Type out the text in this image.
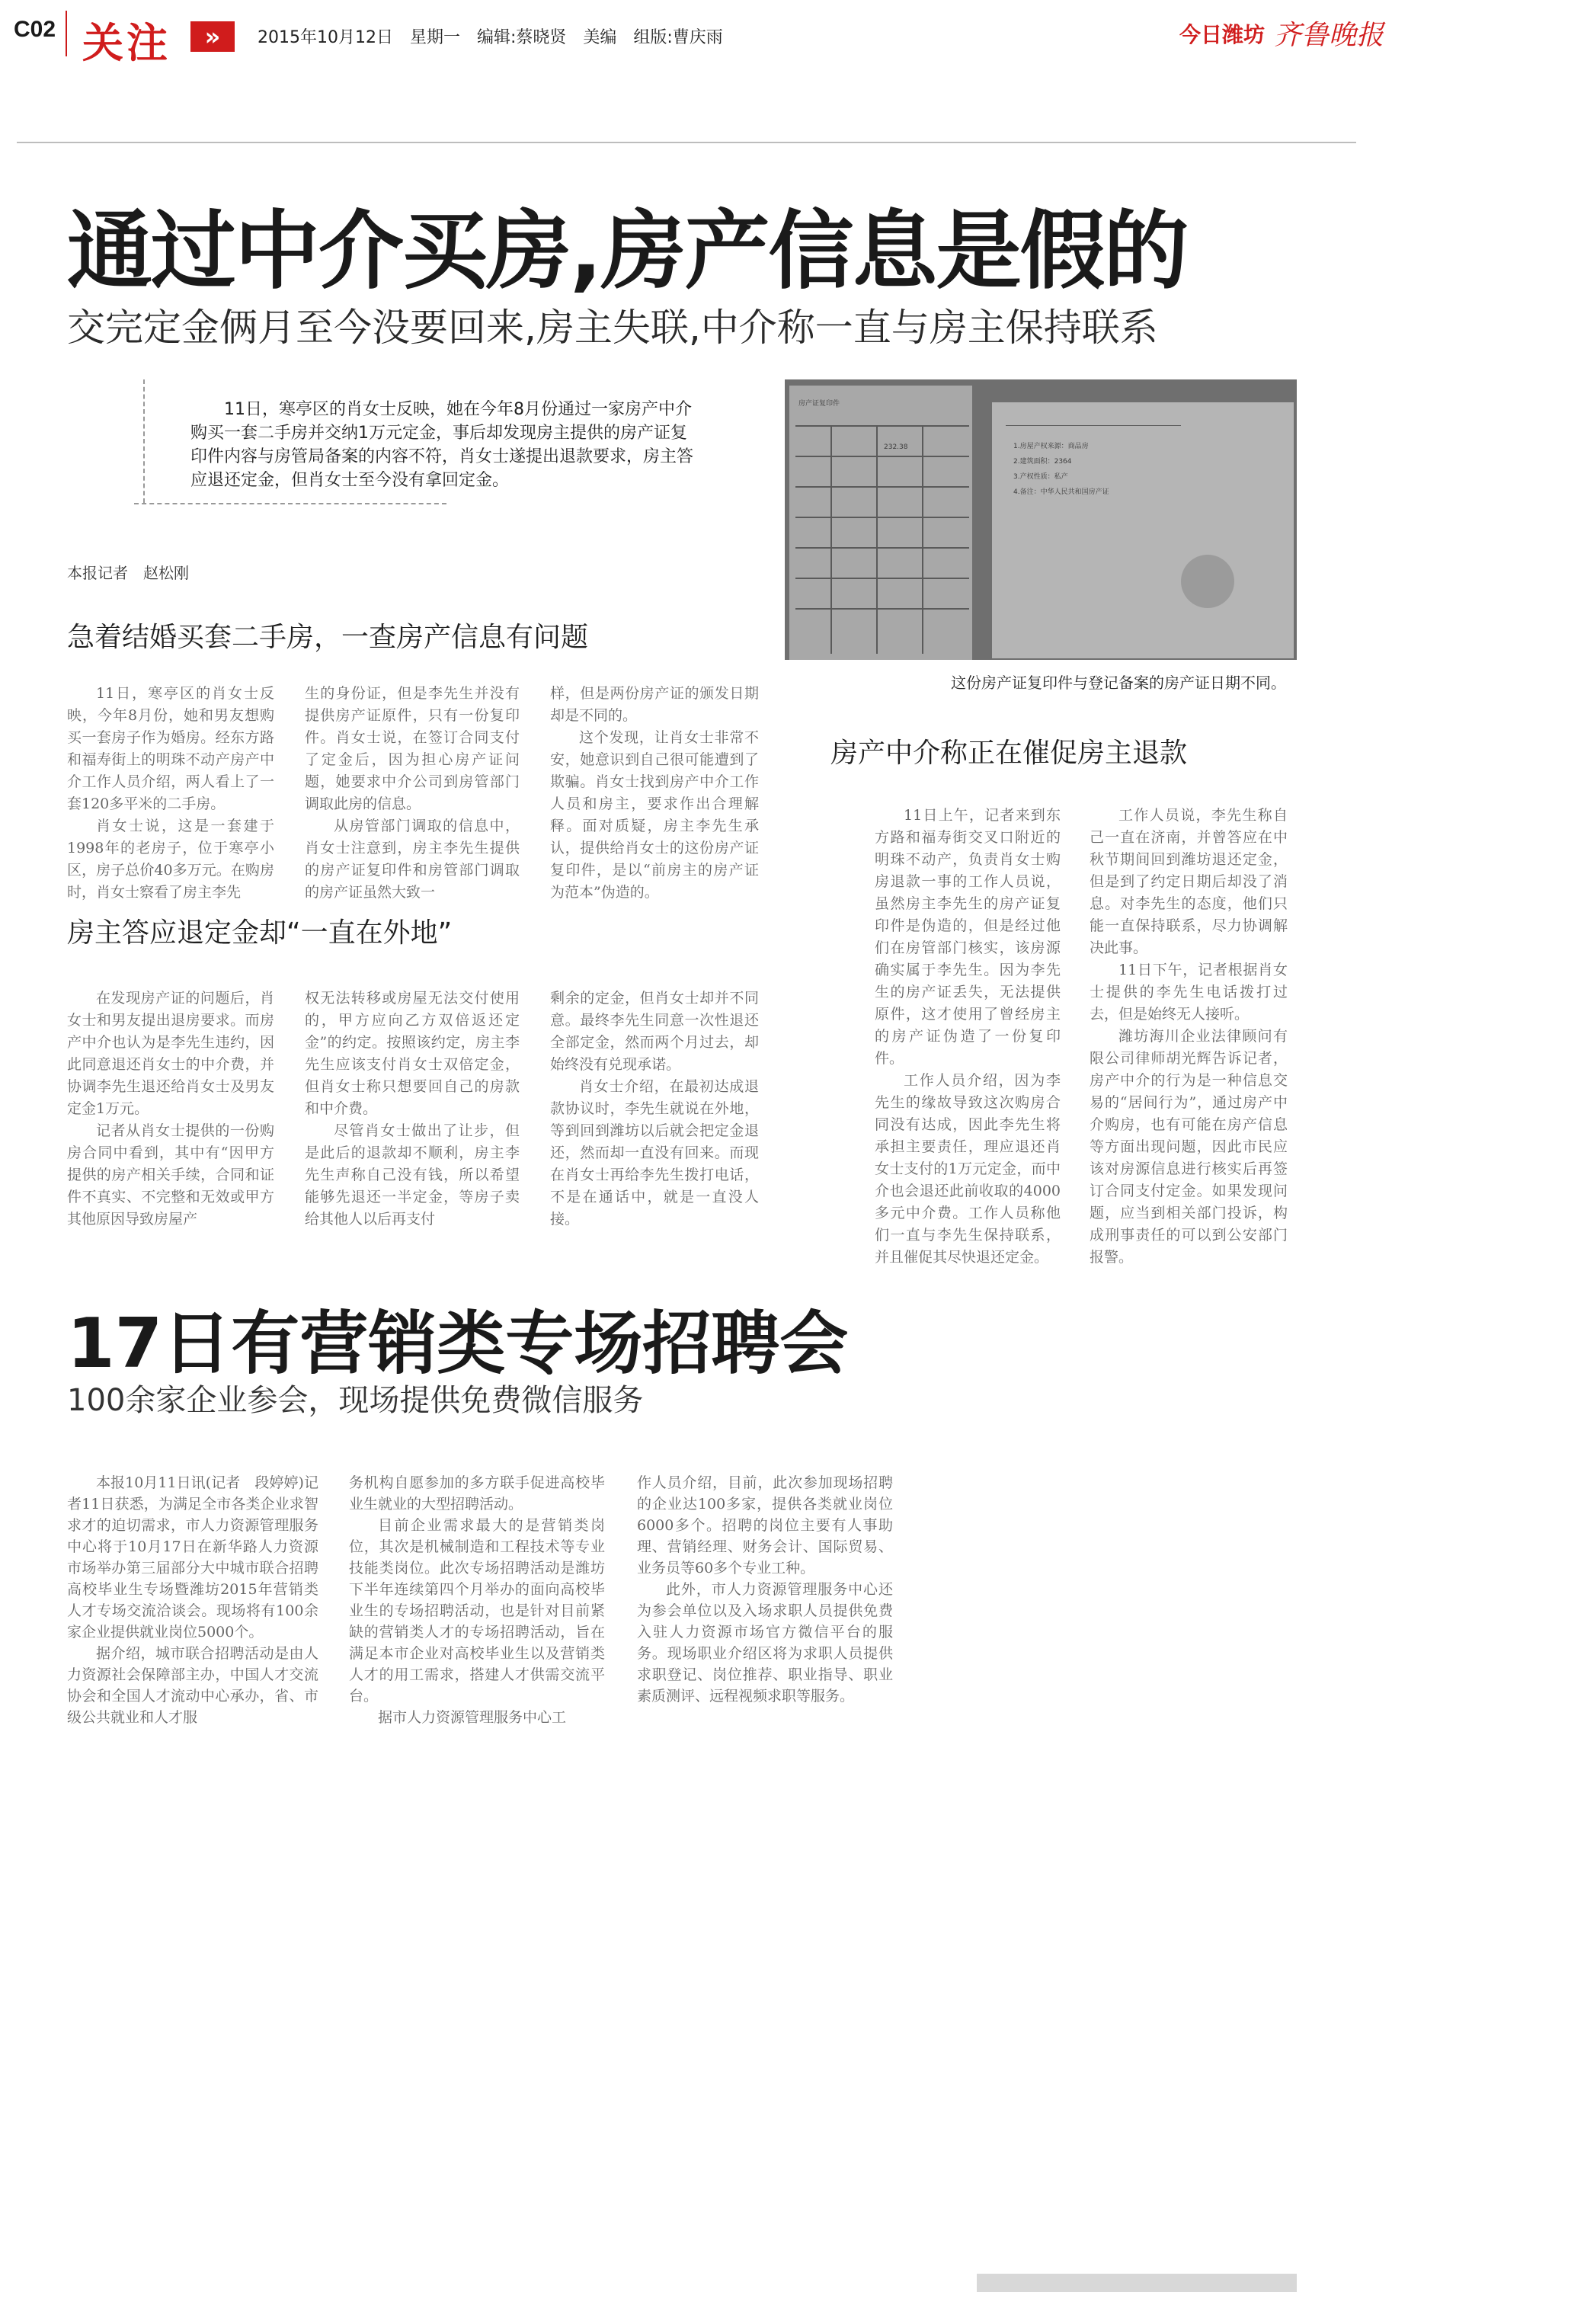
C02 关注	»	2015年10月12日　星期一　编辑:蔡晓贤　美编　组版:曹庆雨	今日潍坊 齐鲁晚报
通过中介买房,房产信息是假的
交完定金俩月至今没要回来,房主失联,中介称一直与房主保持联系
11日，寒亭区的肖女士反映，她在今年8月份通过一家房产中介购买一套二手房并交纳1万元定金，事后却发现房主提供的房产证复印件内容与房管局备案的内容不符，肖女士遂提出退款要求，房主答应退还定金，但肖女士至今没有拿回定金。
房产证复印件
232.38	1.房屋产权来源：商品房
2.建筑面积：2364
3.产权性质：私产
4.备注：中华人民共和国房产证
这份房产证复印件与登记备案的房产证日期不同。
本报记者　赵松刚
急着结婚买套二手房，一查房产信息有问题

11日，寒亭区的肖女士反映，今年8月份，她和男友想购买一套房子作为婚房。经东方路和福寿街上的明珠不动产房产中介工作人员介绍，两人看上了一套120多平米的二手房。

肖女士说，这是一套建于1998年的老房子，位于寒亭小区，房子总价40多万元。在购房时，肖女士察看了房主李先

生的身份证，但是李先生并没有提供房产证原件，只有一份复印件。肖女士说，在签订合同支付了定金后，因为担心房产证问题，她要求中介公司到房管部门调取此房的信息。

从房管部门调取的信息中，肖女士注意到，房主李先生提供的房产证复印件和房管部门调取的房产证虽然大致一

样，但是两份房产证的颁发日期却是不同的。

这个发现，让肖女士非常不安，她意识到自己很可能遭到了欺骗。肖女士找到房产中介工作人员和房主，要求作出合理解释。面对质疑，房主李先生承认，提供给肖女士的这份房产证复印件，是以“前房主的房产证为范本”伪造的。

房主答应退定金却“一直在外地”

在发现房产证的问题后，肖女士和男友提出退房要求。而房产中介也认为是李先生违约，因此同意退还肖女士的中介费，并协调李先生退还给肖女士及男友定金1万元。

记者从肖女士提供的一份购房合同中看到，其中有“因甲方提供的房产相关手续，合同和证件不真实、不完整和无效或甲方其他原因导致房屋产

权无法转移或房屋无法交付使用的，甲方应向乙方双倍返还定金”的约定。按照该约定，房主李先生应该支付肖女士双倍定金，但肖女士称只想要回自己的房款和中介费。

尽管肖女士做出了让步，但是此后的退款却不顺利，房主李先生声称自己没有钱，所以希望能够先退还一半定金，等房子卖给其他人以后再支付

剩余的定金，但肖女士却并不同意。最终李先生同意一次性退还全部定金，然而两个月过去，却始终没有兑现承诺。

肖女士介绍，在最初达成退款协议时，李先生就说在外地，等到回到潍坊以后就会把定金退还，然而却一直没有回来。而现在肖女士再给李先生拨打电话，不是在通话中，就是一直没人接。

房产中介称正在催促房主退款

11日上午，记者来到东方路和福寿街交叉口附近的明珠不动产，负责肖女士购房退款一事的工作人员说，虽然房主李先生的房产证复印件是伪造的，但是经过他们在房管部门核实，该房源确实属于李先生。因为李先生的房产证丢失，无法提供原件，这才使用了曾经房主的房产证伪造了一份复印件。

工作人员介绍，因为李先生的缘故导致这次购房合同没有达成，因此李先生将承担主要责任，理应退还肖女士支付的1万元定金，而中介也会退还此前收取的4000多元中介费。工作人员称他们一直与李先生保持联系，并且催促其尽快退还定金。

工作人员说，李先生称自己一直在济南，并曾答应在中秋节期间回到潍坊退还定金，但是到了约定日期后却没了消息。对李先生的态度，他们只能一直保持联系，尽力协调解决此事。

11日下午，记者根据肖女士提供的李先生电话拨打过去，但是始终无人接听。

潍坊海川企业法律顾问有限公司律师胡光辉告诉记者，房产中介的行为是一种信息交易的“居间行为”，通过房产中介购房，也有可能在房产信息等方面出现问题，因此市民应该对房源信息进行核实后再签订合同支付定金。如果发现问题，应当到相关部门投诉，构成刑事责任的可以到公安部门报警。

17日有营销类专场招聘会
100余家企业参会，现场提供免费微信服务

本报10月11日讯(记者　段婷婷)记者11日获悉，为满足全市各类企业求智求才的迫切需求，市人力资源管理服务中心将于10月17日在新华路人力资源市场举办第三届部分大中城市联合招聘高校毕业生专场暨潍坊2015年营销类人才专场交流洽谈会。现场将有100余家企业提供就业岗位5000个。

据介绍，城市联合招聘活动是由人力资源社会保障部主办，中国人才交流协会和全国人才流动中心承办，省、市级公共就业和人才服

务机构自愿参加的多方联手促进高校毕业生就业的大型招聘活动。

目前企业需求最大的是营销类岗位，其次是机械制造和工程技术等专业技能类岗位。此次专场招聘活动是潍坊下半年连续第四个月举办的面向高校毕业生的专场招聘活动，也是针对目前紧缺的营销类人才的专场招聘活动，旨在满足本市企业对高校毕业生以及营销类人才的用工需求，搭建人才供需交流平台。

据市人力资源管理服务中心工

作人员介绍，目前，此次参加现场招聘的企业达100多家，提供各类就业岗位6000多个。招聘的岗位主要有人事助理、营销经理、财务会计、国际贸易、业务员等60多个专业工种。

此外，市人力资源管理服务中心还为参会单位以及入场求职人员提供免费入驻人力资源市场官方微信平台的服务。现场职业介绍区将为求职人员提供求职登记、岗位推荐、职业指导、职业素质测评、远程视频求职等服务。
